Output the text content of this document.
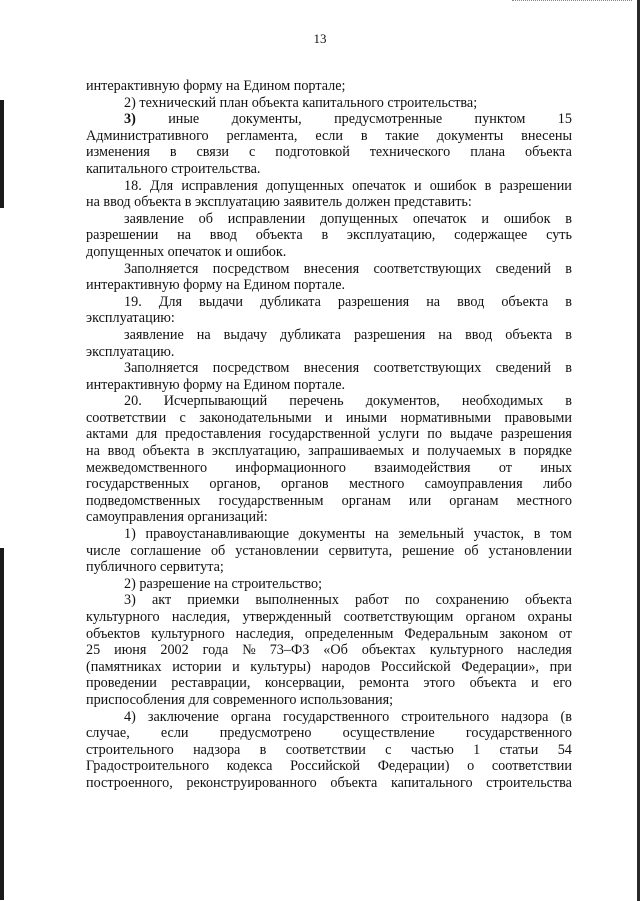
13
интерактивную форму на Едином портале;
2) технический план объекта капитального строительства;
3) иные документы, предусмотренные пунктом 15
Административного регламента, если в такие документы внесены
изменения в связи с подготовкой технического плана объекта
капитального строительства.
18. Для исправления допущенных опечаток и ошибок в разрешении
на ввод объекта в эксплуатацию заявитель должен представить:
заявление об исправлении допущенных опечаток и ошибок в
разрешении на ввод объекта в эксплуатацию, содержащее суть
допущенных опечаток и ошибок.
Заполняется посредством внесения соответствующих сведений в
интерактивную форму на Едином портале.
19. Для выдачи дубликата разрешения на ввод объекта в
эксплуатацию:
заявление на выдачу дубликата разрешения на ввод объекта в
эксплуатацию.
Заполняется посредством внесения соответствующих сведений в
интерактивную форму на Едином портале.
20. Исчерпывающий перечень документов, необходимых в
соответствии с законодательными и иными нормативными правовыми
актами для предоставления государственной услуги по выдаче разрешения
на ввод объекта в эксплуатацию, запрашиваемых и получаемых в порядке
межведомственного информационного взаимодействия от иных
государственных органов, органов местного самоуправления либо
подведомственных государственным органам или органам местного
самоуправления организаций:
1) правоустанавливающие документы на земельный участок, в том
числе соглашение об установлении сервитута, решение об установлении
публичного сервитута;
2) разрешение на строительство;
3) акт приемки выполненных работ по сохранению объекта
культурного наследия, утвержденный соответствующим органом охраны
объектов культурного наследия, определенным Федеральным законом от
25 июня 2002 года № 73–ФЗ «Об объектах культурного наследия
(памятниках истории и культуры) народов Российской Федерации», при
проведении реставрации, консервации, ремонта этого объекта и его
приспособления для современного использования;
4) заключение органа государственного строительного надзора (в
случае, если предусмотрено осуществление государственного
строительного надзора в соответствии с частью 1 статьи 54
Градостроительного кодекса Российской Федерации) о соответствии
построенного, реконструированного объекта капитального строительства
